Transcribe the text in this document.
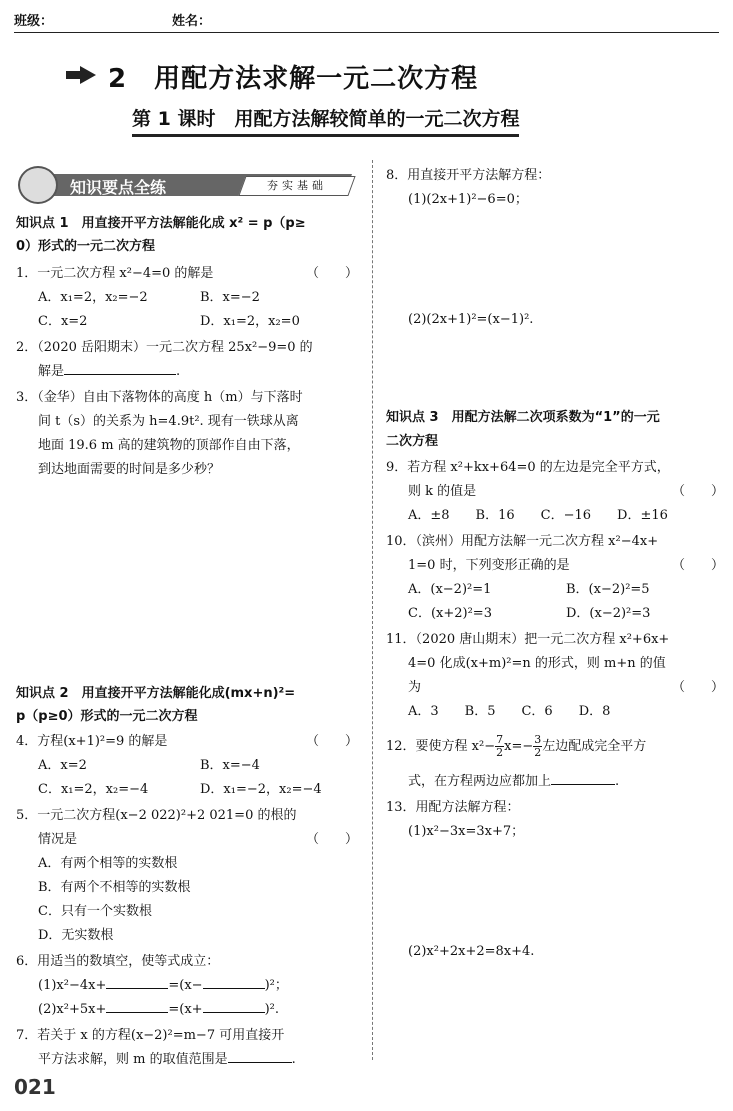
班级：	姓名：
2　用配方法求解一元二次方程
第 1 课时　用配方法解较简单的一元二次方程
知识要点全练	夯实基础
知识点 1　用直接开平方法解能化成 x² = p（p≥
0）形式的一元二次方程
1．一元二次方程 x²−4=0 的解是	（　　）
A．x₁=2，x₂=−2	B．x=−2
C．x=2	D．x₁=2，x₂=0
2．（2020 岳阳期末）一元二次方程 25x²−9=0 的
解是	.
3．（金华）自由下落物体的高度 h（m）与下落时
间 t（s）的关系为 h=4.9t². 现有一铁球从离
地面 19.6 m 高的建筑物的顶部作自由下落，
到达地面需要的时间是多少秒？
知识点 2　用直接开平方法解能化成(mx+n)²=
p（p≥0）形式的一元二次方程
4．方程(x+1)²=9 的解是	（　　）
A．x=2	B．x=−4
C．x₁=2，x₂=−4	D．x₁=−2，x₂=−4
5．一元二次方程(x−2 022)²+2 021=0 的根的
情况是	（　　）
A．有两个相等的实数根
B．有两个不相等的实数根
C．只有一个实数根
D．无实数根
6．用适当的数填空，使等式成立：
(1)x²−4x+	=(x−	)²；
(2)x²+5x+	=(x+	)².
7．若关于 x 的方程(x−2)²=m−7 可用直接开
平方法求解，则 m 的取值范围是	.
8．用直接开平方法解方程：
(1)(2x+1)²−6=0；
(2)(2x+1)²=(x−1)².
知识点 3　用配方法解二次项系数为“1”的一元
二次方程
9．若方程 x²+kx+64=0 的左边是完全平方式，
则 k 的值是	（　　）
A．±8　　B．16　　C．−16　　D．±16
10．（滨州）用配方法解一元二次方程 x²−4x+
1=0 时，下列变形正确的是	（　　）
A．(x−2)²=1	B．(x−2)²=5
C．(x+2)²=3	D．(x−2)²=3
11．（2020 唐山期末）把一元二次方程 x²+6x+
4=0 化成(x+m)²=n 的形式，则 m+n 的值
为	（　　）
A．3　　B．5　　C．6　　D．8
12．要使方程 $x^2- \frac{7}{2} x=- \frac{3}{2}$ 左边配成完全平方
式，在方程两边应都加上	.
13．用配方法解方程：
(1)x²−3x=3x+7；
(2)x²+2x+2=8x+4.
021
